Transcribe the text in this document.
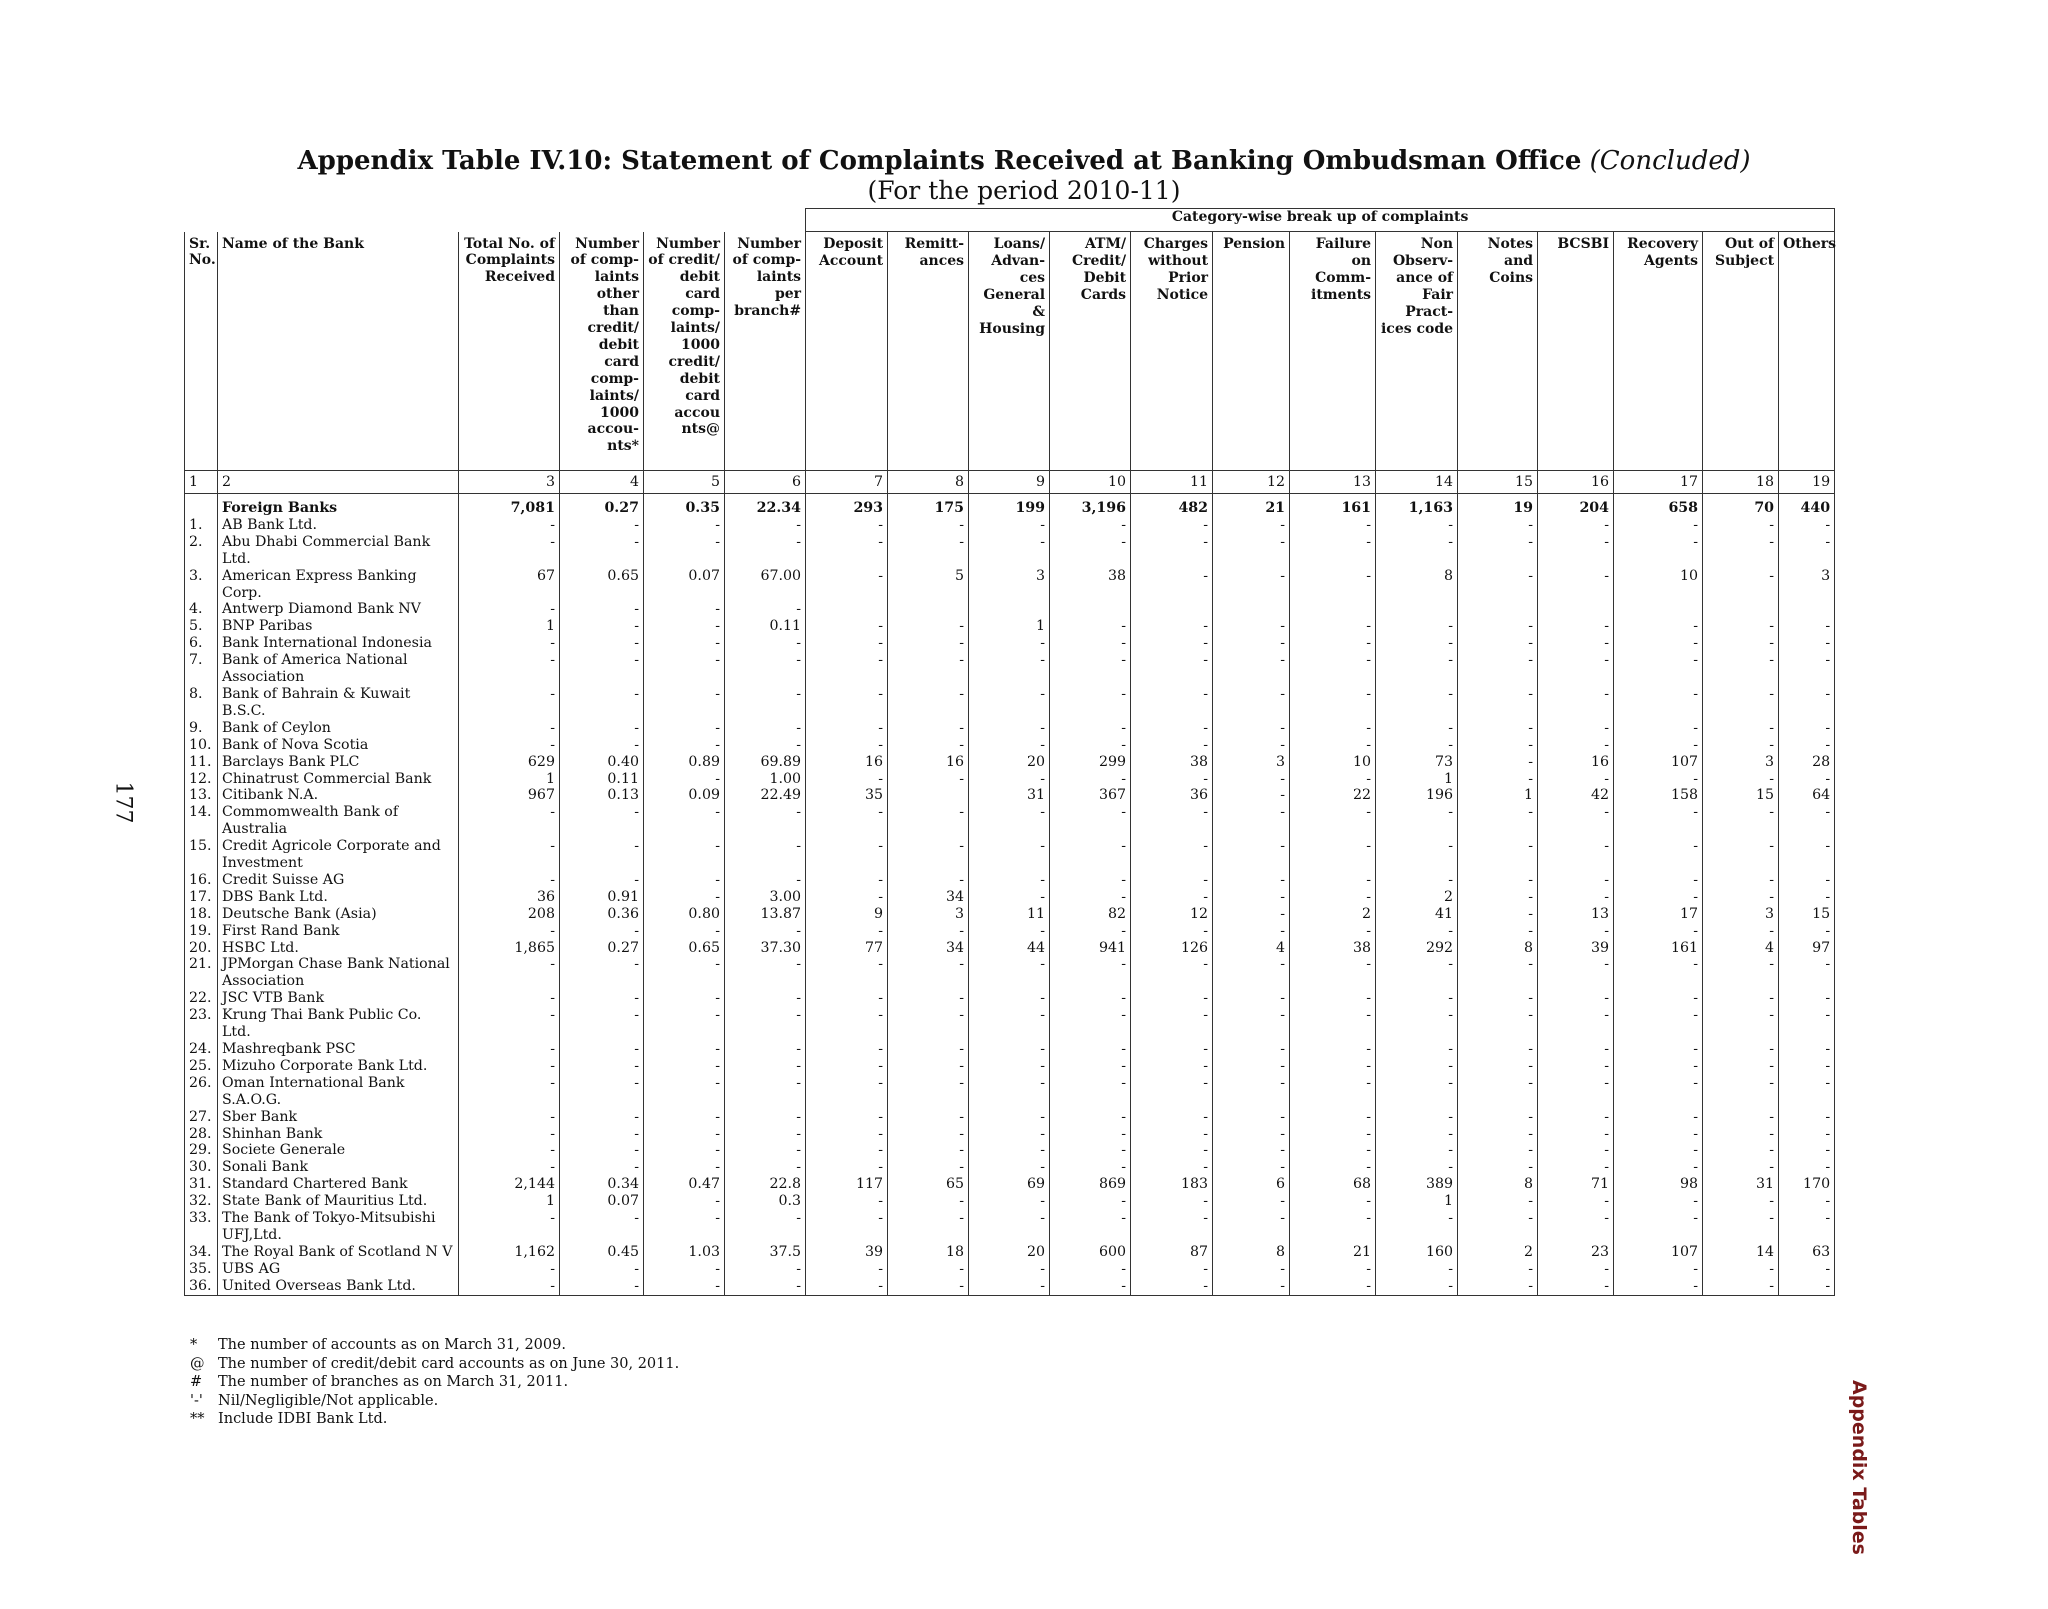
Appendix Table IV.10: Statement of Complaints Received at Banking Ombudsman Office (Concluded)
(For the period 2010-11)
177
Appendix Tables
						Category-wise break up of complaints												
Sr. No.	Name of the Bank	Total No. of Complaints Received	Number of comp- laints other than credit/ debit card comp- laints/ 1000 accou- nts*	Number of credit/ debit card comp- laints/ 1000 credit/ debit card accou nts@	Number of comp- laints per branch#	Deposit Account	Remitt- ances	Loans/ Advan- ces General & Housing	ATM/ Credit/ Debit Cards	Charges without Prior Notice	Pension	Failure on Comm- itments	Non Observ- ance of Fair Pract- ices code	Notes and Coins	BCSBI	Recovery Agents	Out of Subject	Others
1	2	3	4	5	6	7	8	9	10	11	12	13	14	15	16	17	18	19

	Foreign Banks	7,081	0.27	0.35	22.34	293	175	199	3,196	482	21	161	1,163	19	204	658	70	440
1.	AB Bank Ltd.	-	-	-	-	-	-	-	-	-	-	-	-	-	-	-	-	-
2.	Abu Dhabi Commercial Bank Ltd.	-	-	-	-	-	-	-	-	-	-	-	-	-	-	-	-	-
3.	American Express Banking Corp.	67	0.65	0.07	67.00	-	5	3	38	-	-	-	8	-	-	10	-	3
4.	Antwerp Diamond Bank NV	-	-	-	-													
5.	BNP Paribas	1	-	-	0.11	-	-	1	-	-	-	-	-	-	-	-	-	-
6.	Bank International Indonesia	-	-	-	-	-	-	-	-	-	-	-	-	-	-	-	-	-
7.	Bank of America National Association	-	-	-	-	-	-	-	-	-	-	-	-	-	-	-	-	-
8.	Bank of Bahrain & Kuwait B.S.C.	-	-	-	-	-	-	-	-	-	-	-	-	-	-	-	-	-
9.	Bank of Ceylon	-	-	-	-	-	-	-	-	-	-	-	-	-	-	-	-	-
10.	Bank of Nova Scotia	-	-	-	-	-	-	-	-	-	-	-	-	-	-	-	-	-
11.	Barclays Bank PLC	629	0.40	0.89	69.89	16	16	20	299	38	3	10	73	-	16	107	3	28
12.	Chinatrust Commercial Bank	1	0.11	-	1.00	-	-	-	-	-	-	-	1	-	-	-	-	-
13.	Citibank N.A.	967	0.13	0.09	22.49	35		31	367	36	-	22	196	1	42	158	15	64
14.	Commomwealth Bank of Australia	-	-	-	-	-	-	-	-	-	-	-	-	-	-	-	-	-
15.	Credit Agricole Corporate and Investment	-	-	-	-	-	-	-	-	-	-	-	-	-	-	-	-	-
16.	Credit Suisse AG	-	-	-	-	-	-	-	-	-	-	-	-	-	-	-	-	-
17.	DBS Bank Ltd.	36	0.91	-	3.00	-	34	-	-	-	-	-	2	-	-	-	-	-
18.	Deutsche Bank (Asia)	208	0.36	0.80	13.87	9	3	11	82	12	-	2	41	-	13	17	3	15
19.	First Rand Bank	-	-	-	-	-	-	-	-	-	-	-	-	-	-	-	-	-
20.	HSBC Ltd.	1,865	0.27	0.65	37.30	77	34	44	941	126	4	38	292	8	39	161	4	97
21.	JPMorgan Chase Bank National Association	-	-	-	-	-	-	-	-	-	-	-	-	-	-	-	-	-
22.	JSC VTB Bank	-	-	-	-	-	-	-	-	-	-	-	-	-	-	-	-	-
23.	Krung Thai Bank Public Co. Ltd.	-	-	-	-	-	-	-	-	-	-	-	-	-	-	-	-	-
24.	Mashreqbank PSC	-	-	-	-	-	-	-	-	-	-	-	-	-	-	-	-	-
25.	Mizuho Corporate Bank Ltd.	-	-	-	-	-	-	-	-	-	-	-	-	-	-	-	-	-
26.	Oman International Bank S.A.O.G.	-	-	-	-	-	-	-	-	-	-	-	-	-	-	-	-	-
27.	Sber Bank	-	-	-	-	-	-	-	-	-	-	-	-	-	-	-	-	-
28.	Shinhan Bank	-	-	-	-	-	-	-	-	-	-	-	-	-	-	-	-	-
29.	Societe Generale	-	-	-	-	-	-	-	-	-	-	-	-	-	-	-	-	-
30.	Sonali Bank	-	-	-	-	-	-	-	-	-	-	-	-	-	-	-	-	-
31.	Standard Chartered Bank	2,144	0.34	0.47	22.8	117	65	69	869	183	6	68	389	8	71	98	31	170
32.	State Bank of Mauritius Ltd.	1	0.07	-	0.3	-	-	-	-	-	-	-	1	-	-	-	-	-
33.	The Bank of Tokyo-Mitsubishi UFJ,Ltd.	-	-	-	-	-	-	-	-	-	-	-	-	-	-	-	-	-
34.	The Royal Bank of Scotland N V	1,162	0.45	1.03	37.5	39	18	20	600	87	8	21	160	2	23	107	14	63
35.	UBS AG	-	-	-	-	-	-	-	-	-	-	-	-	-	-	-	-	-
36.	United Overseas Bank Ltd.	-	-	-	-	-	-	-	-	-	-	-	-	-	-	-	-	-
* The number of accounts as on March 31, 2009.
@ The number of credit/debit card accounts as on June 30, 2011.
# The number of branches as on March 31, 2011.
'-' Nil/Negligible/Not applicable.
** Include IDBI Bank Ltd.
